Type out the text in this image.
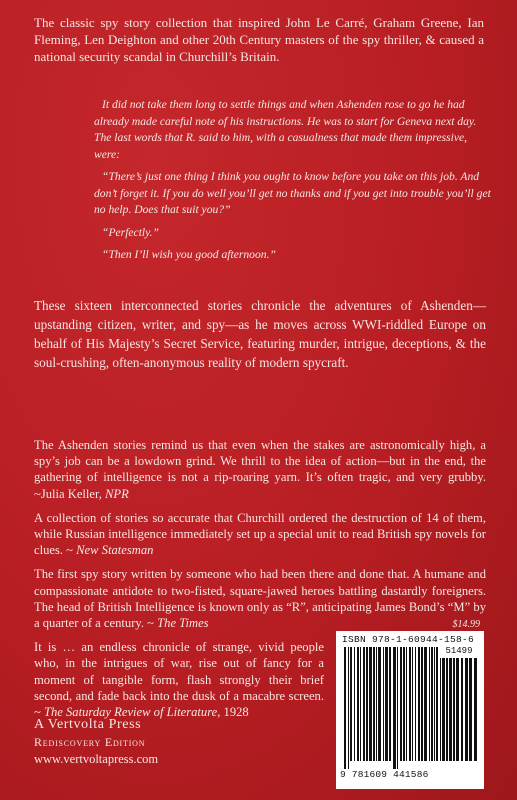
The classic spy story collection that inspired John Le Carré, Graham Greene, Ian Fleming, Len Deighton and other 20th Century masters of the spy thriller, & caused a national security scandal in Churchill’s Britain.

It did not take them long to settle things and when Ashenden rose to go he had already made careful note of his instructions. He was to start for Geneva next day. The last words that R. said to him, with a casualness that made them impressive, were:

“There’s just one thing I think you ought to know before you take on this job. And don’t forget it. If you do well you’ll get no thanks and if you get into trouble you’ll get no help. Does that suit you?”

“Perfectly.”

“Then I’ll wish you good afternoon.”

These sixteen interconnected stories chronicle the adventures of Ashenden—upstanding citizen, writer, and spy—as he moves across WWI-riddled Europe on behalf of His Majesty’s Secret Service, featuring murder, intrigue, deceptions, & the soul-crushing, often-anonymous reality of modern spycraft.

The Ashenden stories remind us that even when the stakes are astronomically high, a spy’s job can be a lowdown grind. We thrill to the idea of action—but in the end, the gathering of intelligence is not a rip-roaring yarn. It’s often tragic, and very grubby. ~Julia Keller, NPR

A collection of stories so accurate that Churchill ordered the destruction of 14 of them, while Russian intelligence immediately set up a special unit to read British spy novels for clues. ~ New Statesman

The first spy story written by someone who had been there and done that. A humane and compassionate antidote to two-fisted, square-jawed heroes battling dastardly foreigners. The head of British Intelligence is known only as “R”, anticipating James Bond’s “M” by a quarter of a century. ~ The Times

It is … an endless chronicle of strange, vivid people who, in the intrigues of war, rise out of fancy for a moment of tangible form, flash strongly their brief second, and fade back into the dusk of a macabre screen. ~ The Saturday Review of Literature, 1928

$14.99
ISBN 978-1-60944-158-6
51499
9 781609 441586
A Vertvolta Press
Rediscovery Edition
www.vertvoltapress.com
